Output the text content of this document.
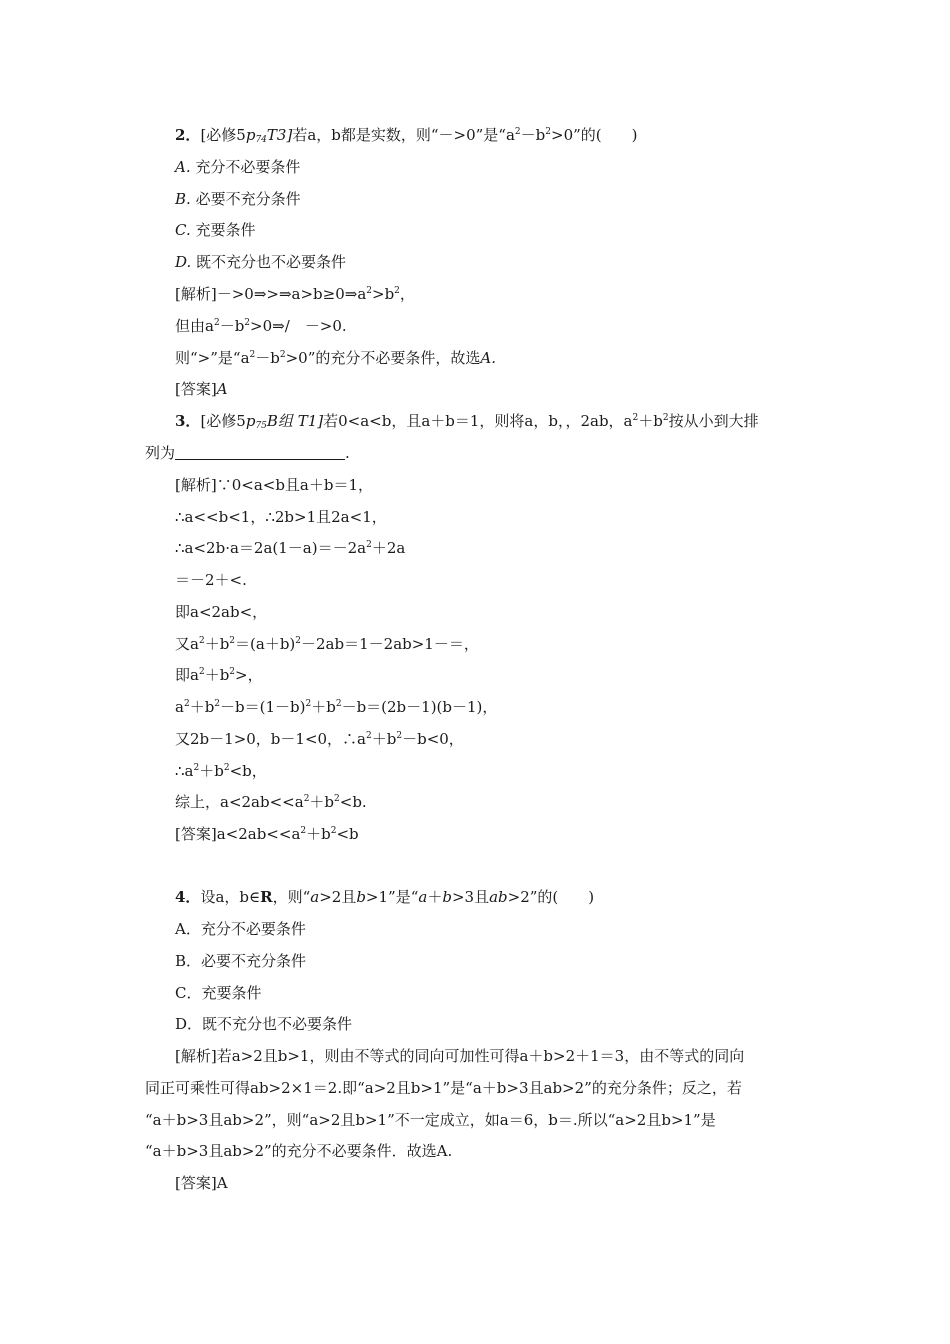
2．[必修$5p_{74}T3$]若a，b都是实数，则“－>0”是“$a^2-b^2>0$”的(　　)
A. 充分不必要条件
B. 必要不充分条件
C. 充要条件
D. 既不充分也不必要条件
[解析]$->0\Rightarrow>\Rightarrow a>b\ge 0\Rightarrow a^2>b^2$，
但由$a^2-b^2>0\Rightarrow/$　－>0.
则“>”是“$a^2-b^2>0$”的充分不必要条件，故选A.
[答案]A
3．[必修$5p_{75}B$组 T1]若0<a<b，且a＋b＝1，则将a，b，，2ab，$a^2+b^2$按从小到大排
列为	.
[解析]∵0<a<b且a＋b＝1，
∴a<<b<1，∴2b>1且2a<1，
$\therefore a<2b\cdot a=2a(1-a)=-2a^2+2a$
＝－2＋<.
即a<2ab<，
又$a^2+b^2=(a+b)^2-2ab=1-2ab>1-=$，
即$a^2+b^2>$，
$a^2+b^2-b=(1-b)^2+b^2-b=(2b-1)(b-1)$，
又2b－1>0，b－1<0，$\therefore a^2+b^2-b<0$，
$\therefore a^2+b^2<b$，
综上，$a<2ab<<a^2+b^2<b$.
[答案]$a<2ab<<a^2+b^2<b$
4．设a，b∈R，则“a>2且b>1”是“a＋b>3且ab>2”的(　　)
A．充分不必要条件
B．必要不充分条件
C．充要条件
D．既不充分也不必要条件
[解析]若a>2且b>1，则由不等式的同向可加性可得a＋b>2＋1＝3，由不等式的同向
同正可乘性可得ab>2×1＝2.即“a>2且b>1”是“a＋b>3且ab>2”的充分条件；反之，若
“a＋b>3且ab>2”，则“a>2且b>1”不一定成立，如a＝6，b＝.所以“a>2且b>1”是
“a＋b>3且ab>2”的充分不必要条件．故选A.
[答案]A
